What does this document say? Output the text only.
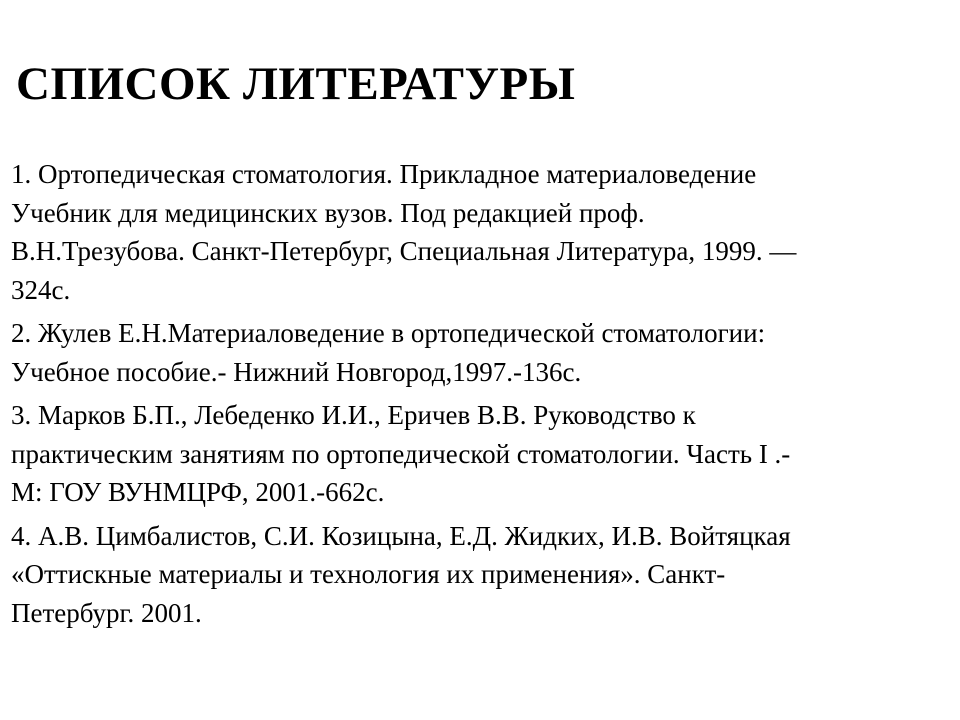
СПИСОК ЛИТЕРАТУРЫ
1. Ортопедическая стоматология. Прикладное материаловедение
Учебник для медицинских вузов. Под редакцией проф.
В.Н.Трезубова. Санкт-Петербург, Специальная Литература, 1999. —
324с.
2. Жулев Е.Н.Материаловедение в ортопедической стоматологии:
Учебное пособие.- Нижний Новгород,1997.-136с.
3. Марков Б.П., Лебеденко И.И., Еричев В.В. Руководство к
практическим занятиям по ортопедической стоматологии. Часть I .-
М: ГОУ ВУНМЦРФ, 2001.-662с.
4. А.В. Цимбалистов, С.И. Козицына, Е.Д. Жидких, И.В. Войтяцкая
«Оттискные материалы и технология их применения». Санкт-
Петербург. 2001.
